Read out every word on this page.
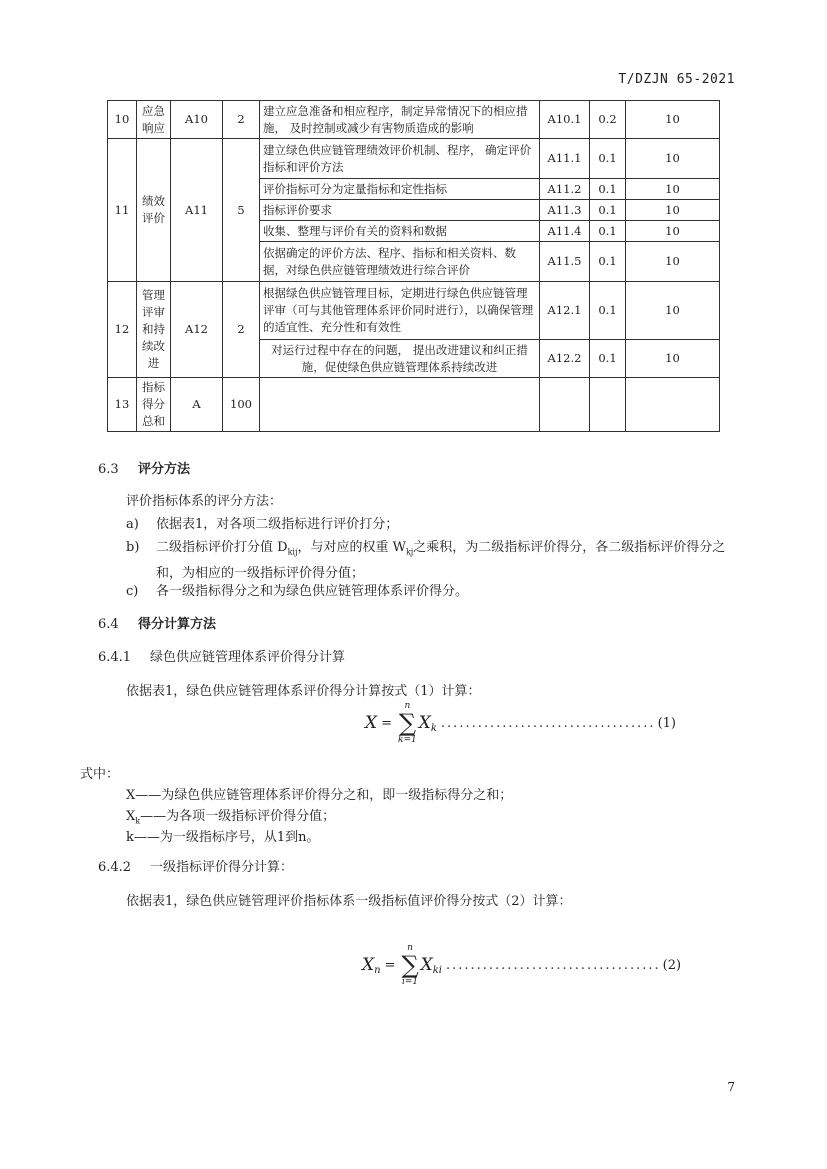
T/DZJN 65-2021
10	应急响应	A10	2	建立应急准备和相应程序，制定异常情况下的相应措施， 及时控制或减少有害物质造成的影响	A10.1	0.2	10
11	绩效评价	A11	5	建立绿色供应链管理绩效评价机制、程序， 确定评价指标和评价方法	A11.1	0.1	10
				评价指标可分为定量指标和定性指标	A11.2	0.1	10
				指标评价要求	A11.3	0.1	10
				收集、整理与评价有关的资料和数据	A11.4	0.1	10
				依据确定的评价方法、程序、指标和相关资料、数据，对绿色供应链管理绩效进行综合评价	A11.5	0.1	10
12	管理评审和持续改进	A12	2	根据绿色供应链管理目标，定期进行绿色供应链管理评审（可与其他管理体系评价同时进行），以确保管理的适宜性、充分性和有效性	A12.1	0.1	10
				对运行过程中存在的问题， 提出改进建议和纠正措施，促使绿色供应链管理体系持续改进	A12.2	0.1	10
13	指标得分总和	A	100				
6.3 评分方法
评价指标体系的评分方法：
a)	依据表1，对各项二级指标进行评价打分；
b)	二级指标评价打分值 $D_{kij}$，与对应的权重 $W_{kj}$之乘积，为二级指标评价得分，各二级指标评价得分之和，为相应的一级指标评价得分值；
c)	各一级指标得分之和为绿色供应链管理体系评价得分。
6.4 得分计算方法
6.4.1 绿色供应链管理体系评价得分计算
依据表1，绿色供应链管理体系评价得分计算按式（1）计算：
X =
n
∑
k=1
X k ................................... (1)
式中：
X——为绿色供应链管理体系评价得分之和，即一级指标得分之和；
$X_k——$为各项一级指标评价得分值；
k——为一级指标序号，从1到n。
6.4.2 一级指标评价得分计算：
依据表1，绿色供应链管理评价指标体系一级指标值评价得分按式（2）计算：
X n =
n
∑
i=1
X ki ................................... (2)
7
